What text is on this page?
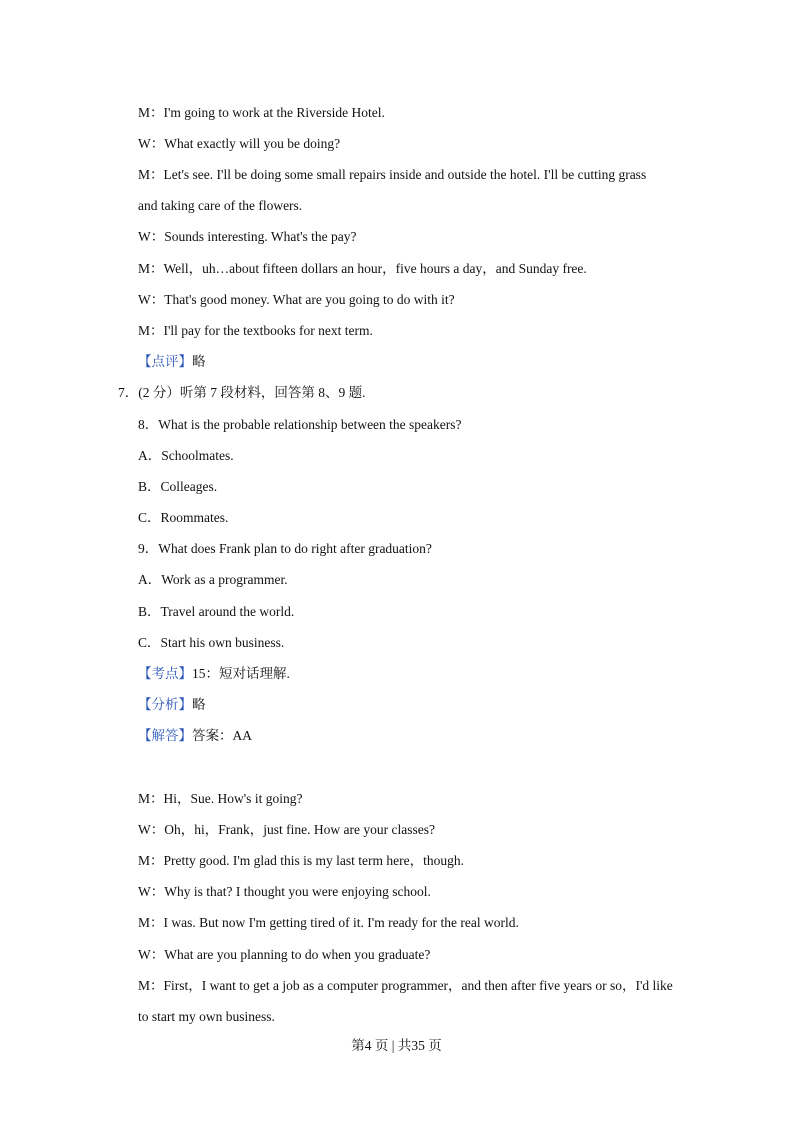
M：I'm going to work at the Riverside Hotel.
W：What exactly will you be doing?
M：Let's see. I'll be doing some small repairs inside and outside the hotel. I'll be cutting grass
and taking care of the flowers.
W：Sounds interesting. What's the pay?
M：Well，uh…about fifteen dollars an hour，five hours a day，and Sunday free.
W：That's good money. What are you going to do with it?
M：I'll pay for the textbooks for next term.
【点评】略
7．(2 分）听第 7 段材料，回答第 8、9 题.
8．What is the probable relationship between the speakers?
A．Schoolmates.
B．Colleages.
C．Roommates.
9．What does Frank plan to do right after graduation?
A．Work as a programmer.
B．Travel around the world.
C．Start his own business.
【考点】15：短对话理解.
【分析】略
【解答】答案：AA
M：Hi，Sue. How's it going?
W：Oh，hi，Frank，just fine. How are your classes?
M：Pretty good. I'm glad this is my last term here，though.
W：Why is that? I thought you were enjoying school.
M：I was. But now I'm getting tired of it. I'm ready for the real world.
W：What are you planning to do when you graduate?
M：First，I want to get a job as a computer programmer，and then after five years or so，I'd like
to start my own business.
第4 页 | 共35 页
